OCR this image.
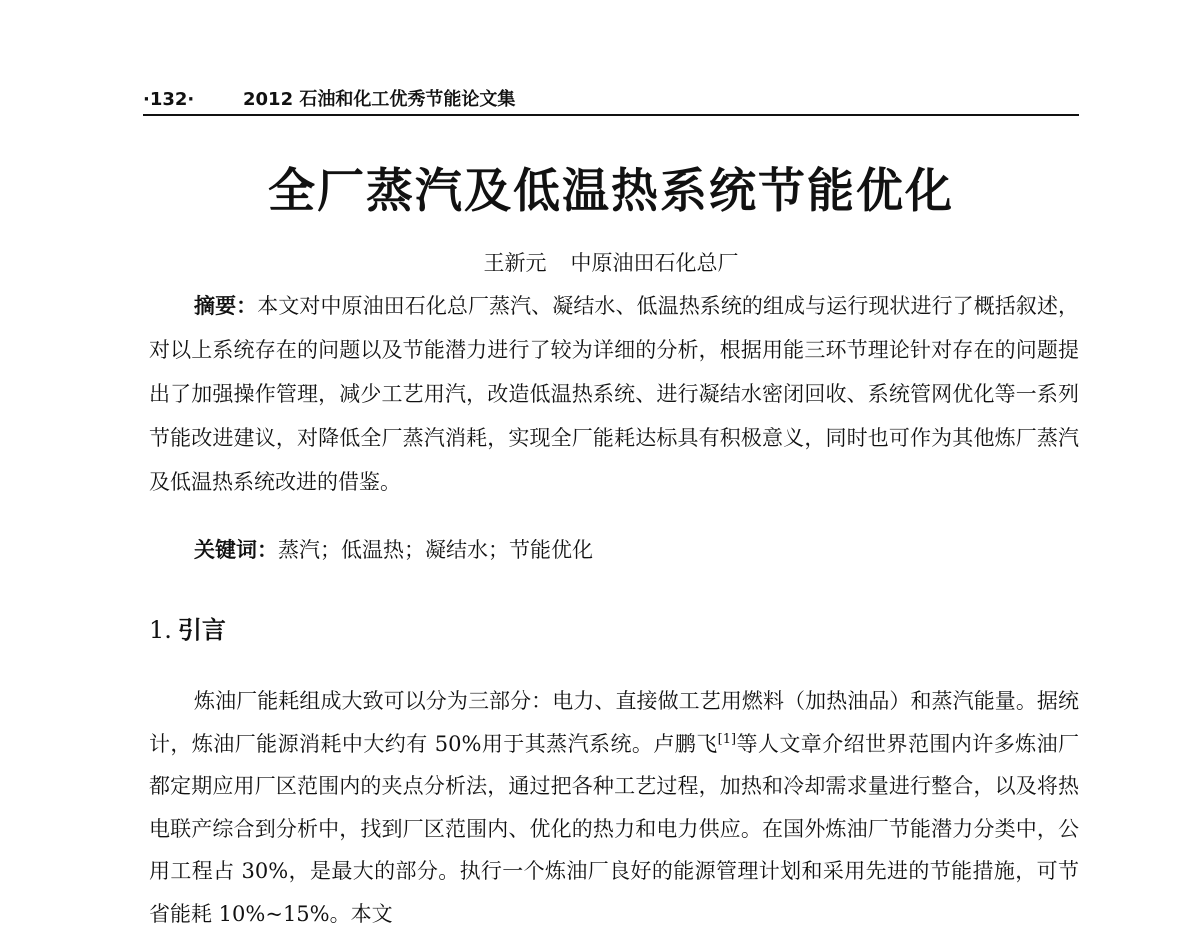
·132·	2012 石油和化工优秀节能论文集
全厂蒸汽及低温热系统节能优化
王新元 中原油田石化总厂
摘要：本文对中原油田石化总厂蒸汽、凝结水、低温热系统的组成与运行现状进行了概括叙述，对以上系统存在的问题以及节能潜力进行了较为详细的分析，根据用能三环节理论针对存在的问题提出了加强操作管理，减少工艺用汽，改造低温热系统、进行凝结水密闭回收、系统管网优化等一系列节能改进建议，对降低全厂蒸汽消耗，实现全厂能耗达标具有积极意义，同时也可作为其他炼厂蒸汽及低温热系统改进的借鉴。
关键词：蒸汽；低温热；凝结水；节能优化
1. 引言
炼油厂能耗组成大致可以分为三部分：电力、直接做工艺用燃料（加热油品）和蒸汽能量。据统计，炼油厂能源消耗中大约有 50%用于其蒸汽系统。卢鹏飞[1]等人文章介绍世界范围内许多炼油厂都定期应用厂区范围内的夹点分析法，通过把各种工艺过程，加热和冷却需求量进行整合，以及将热电联产综合到分析中，找到厂区范围内、优化的热力和电力供应。在国外炼油厂节能潜力分类中，公用工程占 30%，是最大的部分。执行一个炼油厂良好的能源管理计划和采用先进的节能措施，可节省能耗 10%~15%。本文
